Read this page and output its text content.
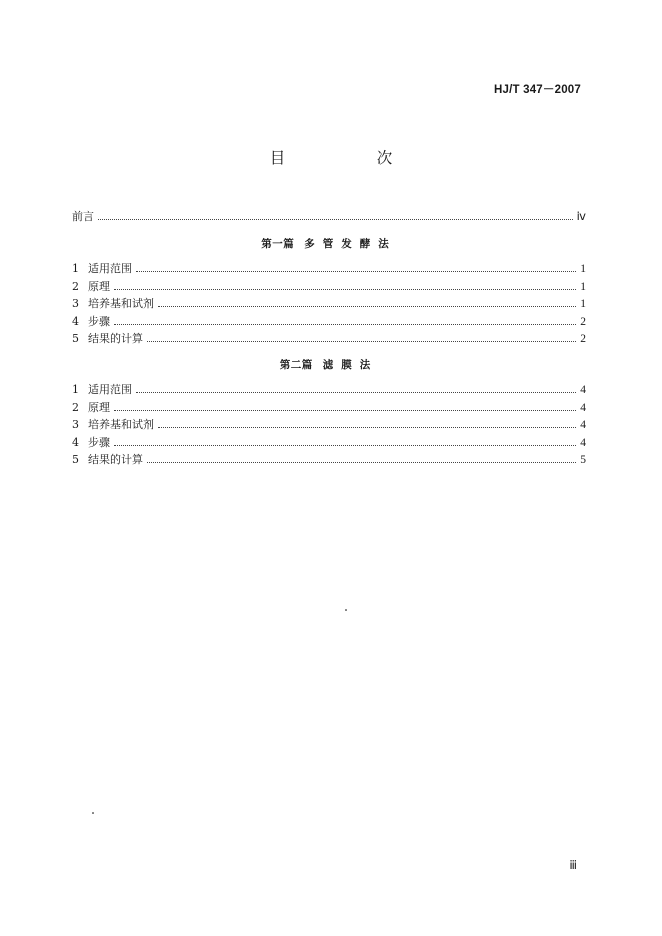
HJ/T 347－2007
目　次
前言	ⅳ
第一篇 多管发酵法
1 适用范围	1
2 原理	1
3 培养基和试剂	1
4 步骤	2
5 结果的计算	2
第二篇 滤膜法
1 适用范围	4
2 原理	4
3 培养基和试剂	4
4 步骤	4
5 结果的计算	5
ⅲ
